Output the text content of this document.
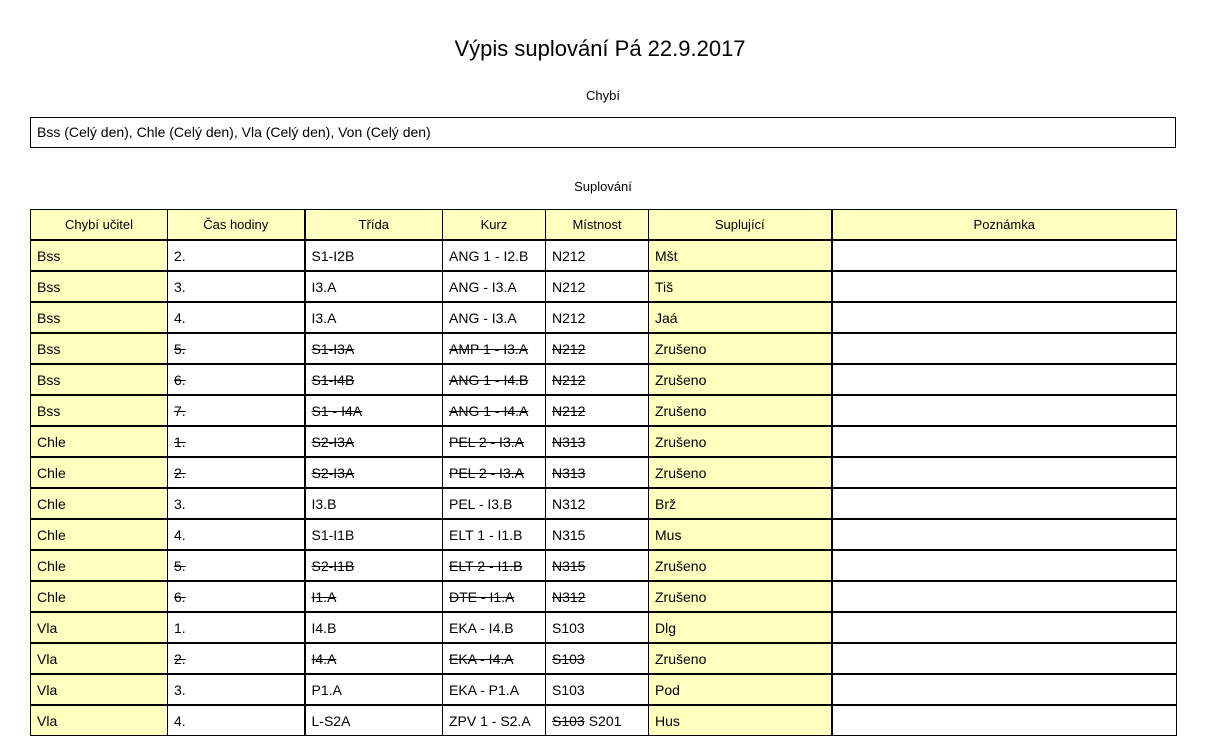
Výpis suplování Pá 22.9.2017
Chybí
Bss (Celý den), Chle (Celý den), Vla (Celý den), Von (Celý den)
Suplování
Chybí učitel	Čas hodiny	Třída	Kurz	Místnost	Suplující	Poznámka
Bss	2.	S1-I2B	ANG 1 - I2.B	N212	Mšt	
Bss	3.	I3.A	ANG - I3.A	N212	Tiš	
Bss	4.	I3.A	ANG - I3.A	N212	Jaá	
Bss	5.	S1-I3A	AMP 1 - I3.A	N212	Zrušeno	
Bss	6.	S1-I4B	ANG 1 - I4.B	N212	Zrušeno	
Bss	7.	S1 - I4A	ANG 1 - I4.A	N212	Zrušeno	
Chle	1.	S2-I3A	PEL 2 - I3.A	N313	Zrušeno	
Chle	2.	S2-I3A	PEL 2 - I3.A	N313	Zrušeno	
Chle	3.	I3.B	PEL - I3.B	N312	Brž	
Chle	4.	S1-I1B	ELT 1 - I1.B	N315	Mus	
Chle	5.	S2-I1B	ELT 2 - I1.B	N315	Zrušeno	
Chle	6.	I1.A	DTE - I1.A	N312	Zrušeno	
Vla	1.	I4.B	EKA - I4.B	S103	Dlg	
Vla	2.	I4.A	EKA - I4.A	S103	Zrušeno	
Vla	3.	P1.A	EKA - P1.A	S103	Pod	
Vla	4.	L-S2A	ZPV 1 - S2.A	S103 S201	Hus	
